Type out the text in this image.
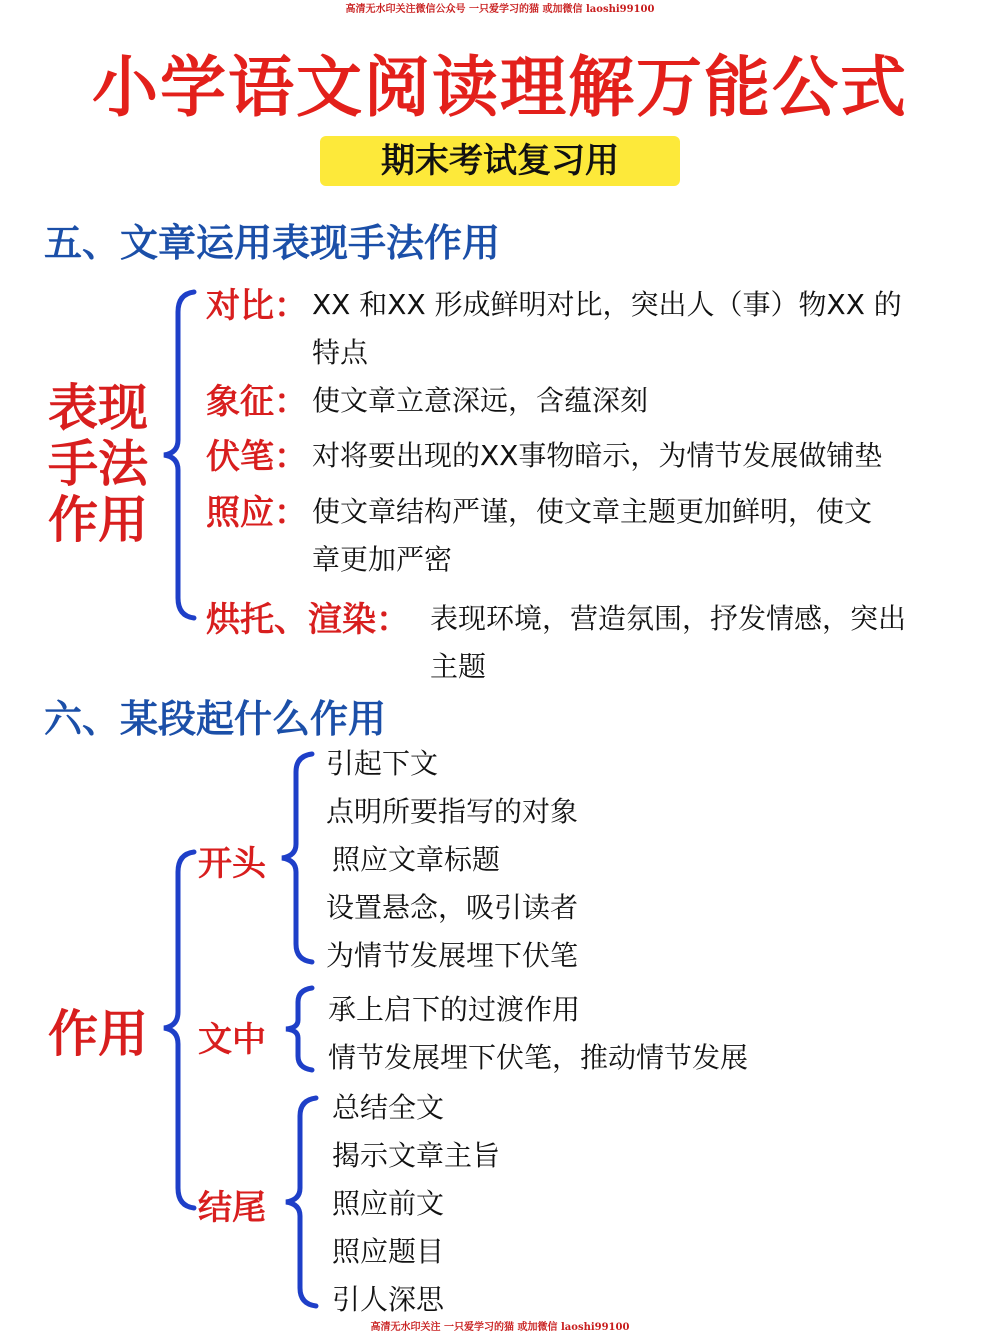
高清无水印关注微信公众号 一只爱学习的猫 或加微信 laoshi99100
高清无水印关注 一只爱学习的猫 或加微信 laoshi99100
小学语文阅读理解万能公式
期末考试复习用
五、文章运用表现手法作用
表现
手法
作用
对比： XX 和XX 形成鲜明对比，突出人（事）物XX 的
特点
象征： 使文章立意深远，含蕴深刻
伏笔： 对将要出现的XX事物暗示，为情节发展做铺垫
照应： 使文章结构严谨，使文章主题更加鲜明，使文
章更加严密
烘托、渲染： 表现环境，营造氛围，抒发情感，突出
主题
六、某段起什么作用
作用
开头
引起下文
点明所要指写的对象
照应文章标题
设置悬念，吸引读者
为情节发展埋下伏笔
文中
承上启下的过渡作用
情节发展埋下伏笔，推动情节发展
结尾
总结全文
揭示文章主旨
照应前文
照应题目
引人深思
